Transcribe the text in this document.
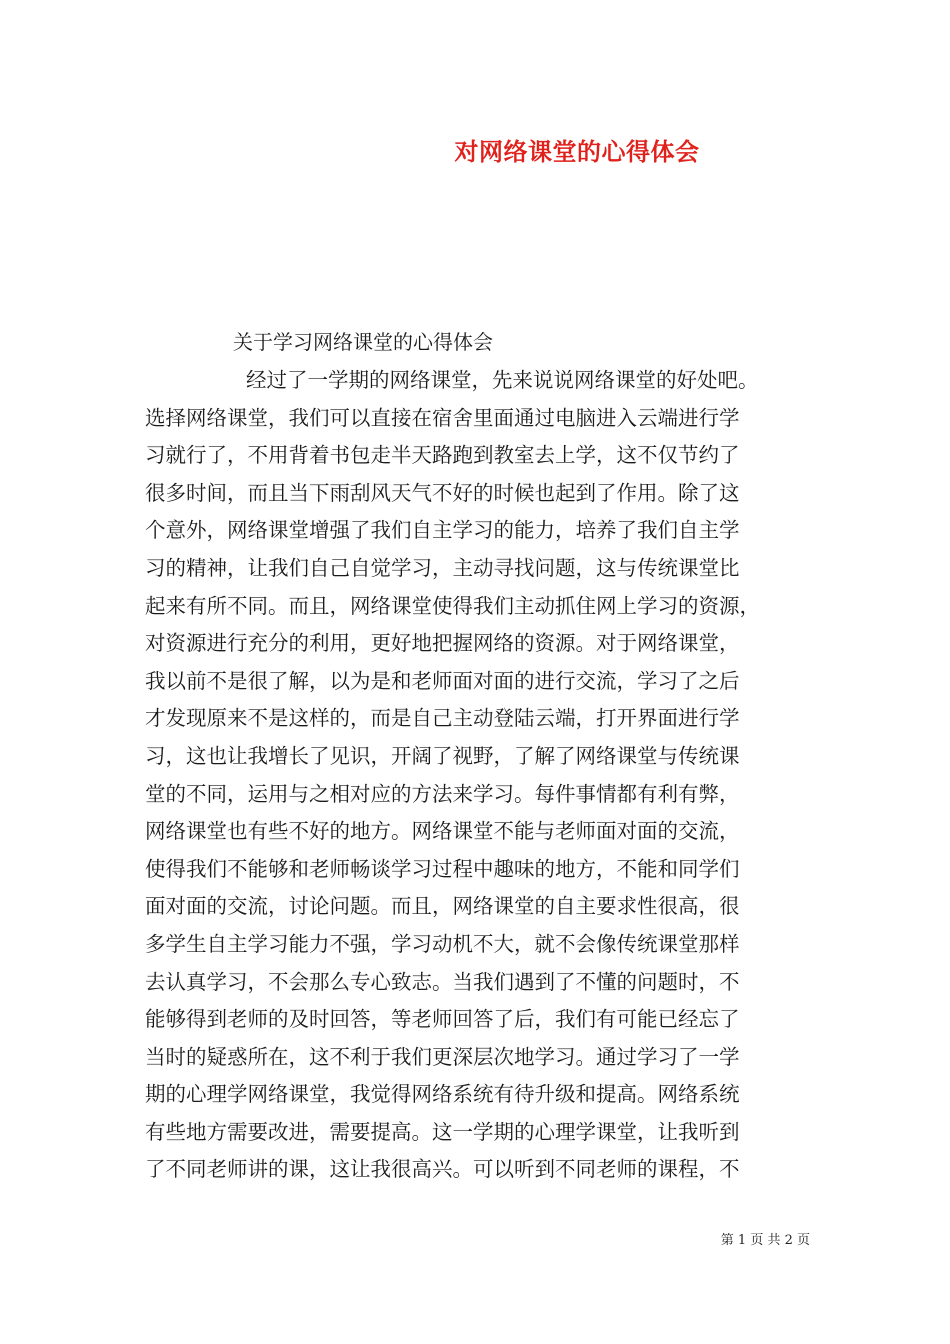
对网络课堂的心得体会

关于学习网络课堂的心得体会

经过了一学期的网络课堂，先来说说网络课堂的好处吧。
选择网络课堂，我们可以直接在宿舍里面通过电脑进入云端进行学
习就行了，不用背着书包走半天路跑到教室去上学，这不仅节约了
很多时间，而且当下雨刮风天气不好的时候也起到了作用。除了这
个意外，网络课堂增强了我们自主学习的能力，培养了我们自主学
习的精神，让我们自己自觉学习，主动寻找问题，这与传统课堂比
起来有所不同。而且，网络课堂使得我们主动抓住网上学习的资源，
对资源进行充分的利用，更好地把握网络的资源。对于网络课堂，
我以前不是很了解，以为是和老师面对面的进行交流，学习了之后
才发现原来不是这样的，而是自己主动登陆云端，打开界面进行学
习，这也让我增长了见识，开阔了视野，了解了网络课堂与传统课
堂的不同，运用与之相对应的方法来学习。每件事情都有利有弊，
网络课堂也有些不好的地方。网络课堂不能与老师面对面的交流，
使得我们不能够和老师畅谈学习过程中趣味的地方，不能和同学们
面对面的交流，讨论问题。而且，网络课堂的自主要求性很高，很
多学生自主学习能力不强，学习动机不大，就不会像传统课堂那样
去认真学习，不会那么专心致志。当我们遇到了不懂的问题时，不
能够得到老师的及时回答，等老师回答了后，我们有可能已经忘了
当时的疑惑所在，这不利于我们更深层次地学习。通过学习了一学
期的心理学网络课堂，我觉得网络系统有待升级和提高。网络系统
有些地方需要改进，需要提高。这一学期的心理学课堂，让我听到
了不同老师讲的课，这让我很高兴。可以听到不同老师的课程，不
第 1 页 共 2 页
